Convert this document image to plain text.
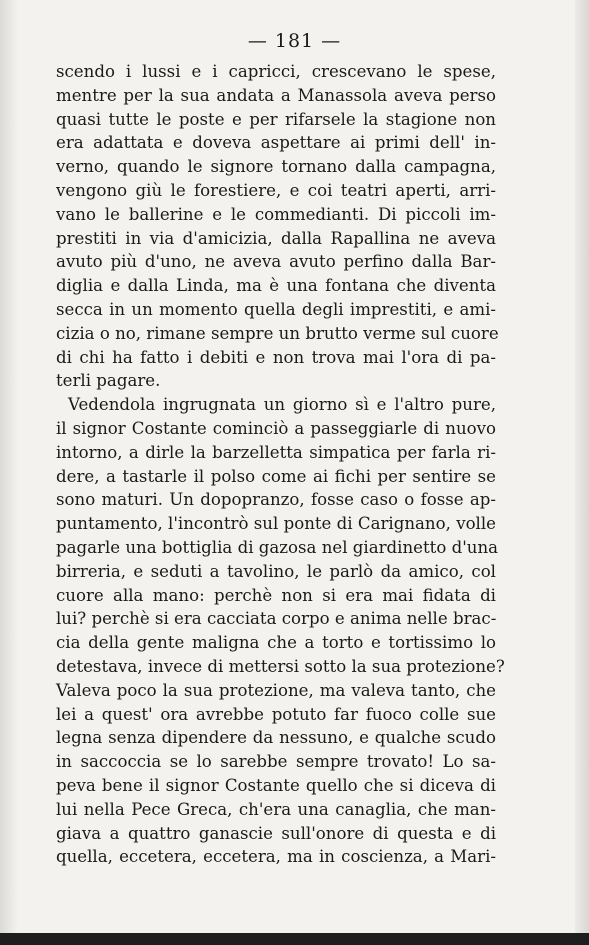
— 181 —
scendo i lussi e i capricci, crescevano le spese,
mentre per la sua andata a Manassola aveva perso
quasi tutte le poste e per rifarsele la stagione non
era adattata e doveva aspettare ai primi dell' in-
verno, quando le signore tornano dalla campagna,
vengono giù le forestiere, e coi teatri aperti, arri-
vano le ballerine e le commedianti. Di piccoli im-
prestiti in via d'amicizia, dalla Rapallina ne aveva
avuto più d'uno, ne aveva avuto perfino dalla Bar-
diglia e dalla Linda, ma è una fontana che diventa
secca in un momento quella degli imprestiti, e ami-
cizia o no, rimane sempre un brutto verme sul cuore
di chi ha fatto i debiti e non trova mai l'ora di pa-
terli pagare.
Vedendola ingrugnata un giorno sì e l'altro pure,
il signor Costante cominciò a passeggiarle di nuovo
intorno, a dirle la barzelletta simpatica per farla ri-
dere, a tastarle il polso come ai fichi per sentire se
sono maturi. Un dopopranzo, fosse caso o fosse ap-
puntamento, l'incontrò sul ponte di Carignano, volle
pagarle una bottiglia di gazosa nel giardinetto d'una
birreria, e seduti a tavolino, le parlò da amico, col
cuore alla mano: perchè non si era mai fidata di
lui? perchè si era cacciata corpo e anima nelle brac-
cia della gente maligna che a torto e tortissimo lo
detestava, invece di mettersi sotto la sua protezione?
Valeva poco la sua protezione, ma valeva tanto, che
lei a quest' ora avrebbe potuto far fuoco colle sue
legna senza dipendere da nessuno, e qualche scudo
in saccoccia se lo sarebbe sempre trovato! Lo sa-
peva bene il signor Costante quello che si diceva di
lui nella Pece Greca, ch'era una canaglia, che man-
giava a quattro ganascie sull'onore di questa e di
quella, eccetera, eccetera, ma in coscienza, a Mari-
